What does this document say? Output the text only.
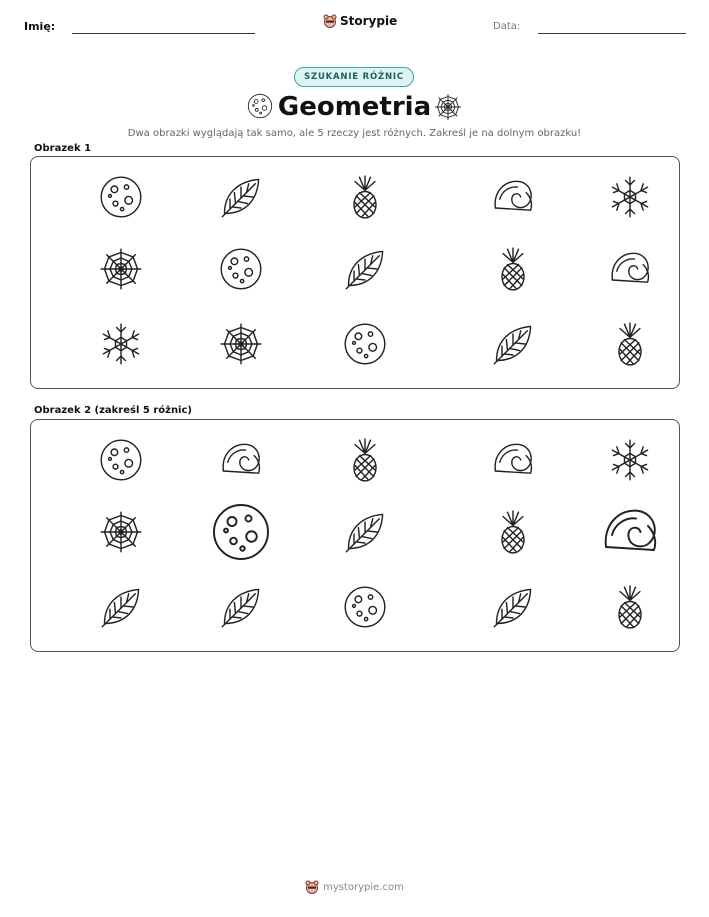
Imię:	Storypie	Data:
SZUKANIE RÓŻNIC
Geometria
Dwa obrazki wyglądają tak samo, ale 5 rzeczy jest różnych. Zakreśl je na dolnym obrazku!
Obrazek 1
Obrazek 2 (zakreśl 5 różnic)
mystorypie.com
